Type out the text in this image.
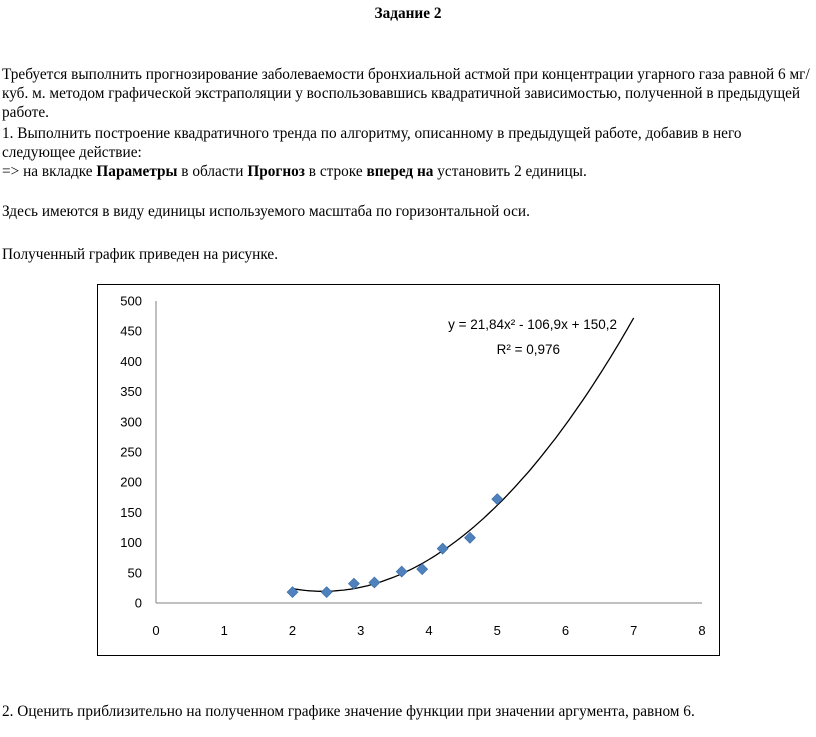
Задание 2

Требуется выполнить прогнозирование заболеваемости бронхиальной астмой при концентрации угарного газа равной 6 мг/куб. м. методом графической экстраполяции у воспользовавшись квадратичной зависимостью, полученной в предыдущей работе.

1. Выполнить построение квадратичного тренда по алгоритму, описанному в предыдущей работе, добавив в него следующее действие:
=> на вкладке Параметры в области Прогноз в строке вперед на установить 2 единицы.

Здесь имеются в виду единицы используемого масштаба по горизонтальной оси.

Полученный график приведен на рисунке.

0
50
100
150
200
250
300
350
400
450
500
0	1	2	3	4	5	6	7	8
y = 21,84x² - 106,9x + 150,2
R² = 0,976

2. Оценить приблизительно на полученном графике значение функции при значении аргумента, равном 6.
